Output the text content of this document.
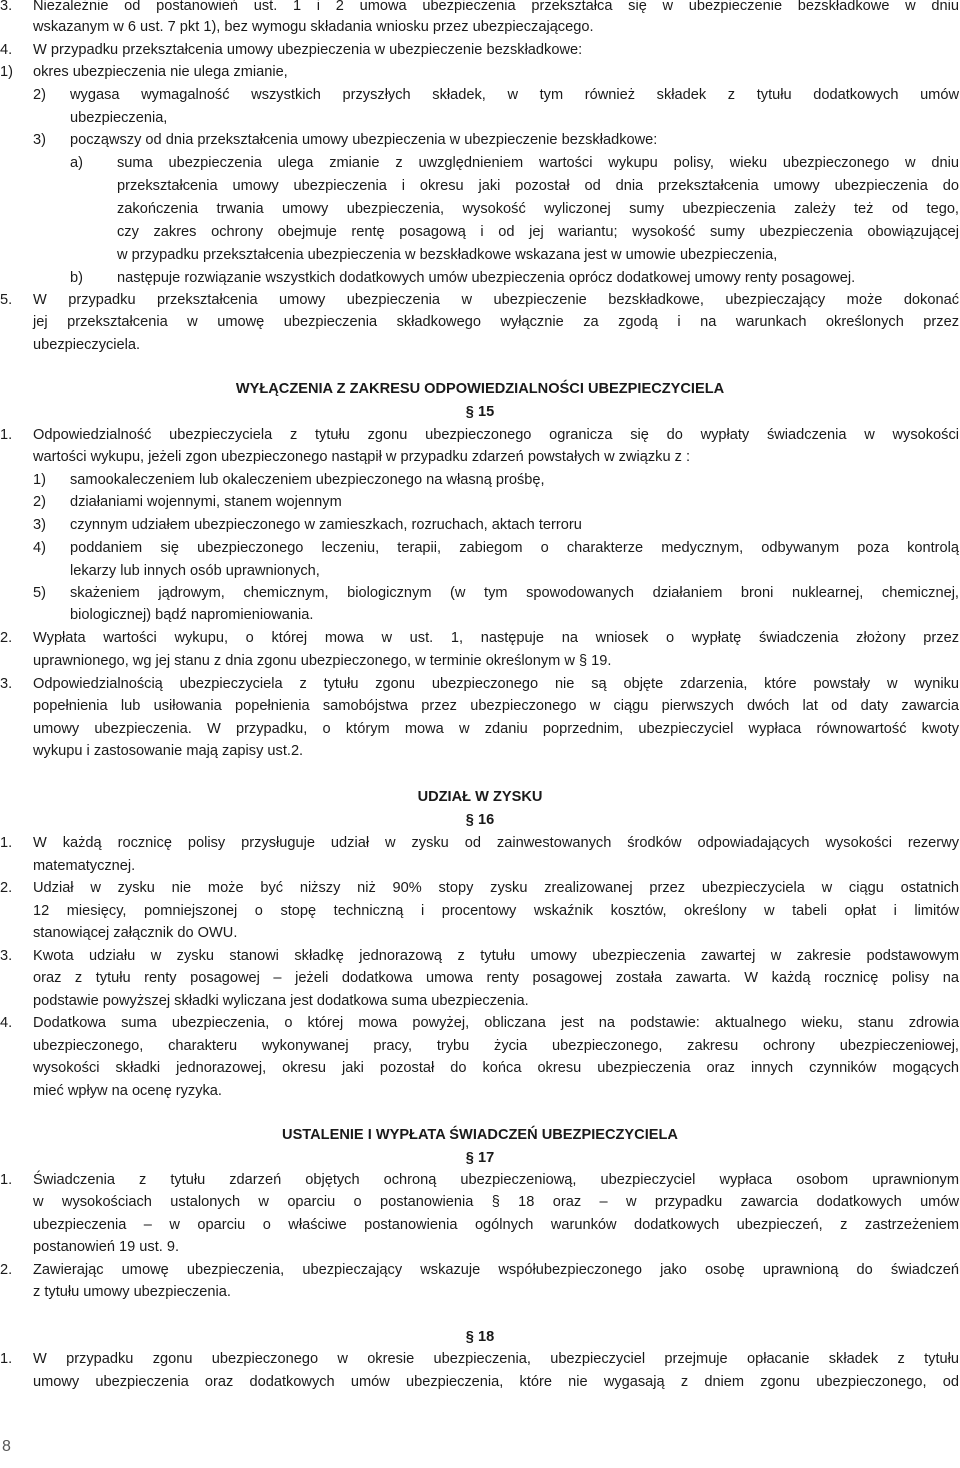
3. Niezależnie od postanowień ust. 1 i 2 umowa ubezpieczenia przekształca się w ubezpieczenie bezskładkowe w dniu
wskazanym w 6 ust. 7 pkt 1), bez wymogu składania wniosku przez ubezpieczającego.
4. W przypadku przekształcenia umowy ubezpieczenia w ubezpieczenie bezskładkowe:
1) okres ubezpieczenia nie ulega zmianie,
2) wygasa wymagalność wszystkich przyszłych składek, w tym również składek z tytułu dodatkowych umów
ubezpieczenia,
3) począwszy od dnia przekształcenia umowy ubezpieczenia w ubezpieczenie bezskładkowe:
a) suma ubezpieczenia ulega zmianie z uwzględnieniem wartości wykupu polisy, wieku ubezpieczonego w dniu
przekształcenia umowy ubezpieczenia i okresu jaki pozostał od dnia przekształcenia umowy ubezpieczenia do
zakończenia trwania umowy ubezpieczenia, wysokość wyliczonej sumy ubezpieczenia zależy też od tego,
czy zakres ochrony obejmuje rentę posagową i od jej wariantu; wysokość sumy ubezpieczenia obowiązującej
w przypadku przekształcenia ubezpieczenia w bezskładkowe wskazana jest w umowie ubezpieczenia,
b) następuje rozwiązanie wszystkich dodatkowych umów ubezpieczenia oprócz dodatkowej umowy renty posagowej.
5. W przypadku przekształcenia umowy ubezpieczenia w ubezpieczenie bezskładkowe, ubezpieczający może dokonać
jej przekształcenia w umowę ubezpieczenia składkowego wyłącznie za zgodą i na warunkach określonych przez
ubezpieczyciela.
WYŁĄCZENIA Z ZAKRESU ODPOWIEDZIALNOŚCI UBEZPIECZYCIELA
§ 15
1. Odpowiedzialność ubezpieczyciela z tytułu zgonu ubezpieczonego ogranicza się do wypłaty świadczenia w wysokości
wartości wykupu, jeżeli zgon ubezpieczonego nastąpił w przypadku zdarzeń powstałych w związku z :
1) samookaleczeniem lub okaleczeniem ubezpieczonego na własną prośbę,
2) działaniami wojennymi, stanem wojennym
3) czynnym udziałem ubezpieczonego w zamieszkach, rozruchach, aktach terroru
4) poddaniem się ubezpieczonego leczeniu, terapii, zabiegom o charakterze medycznym, odbywanym poza kontrolą
lekarzy lub innych osób uprawnionych,
5) skażeniem jądrowym, chemicznym, biologicznym (w tym spowodowanych działaniem broni nuklearnej, chemicznej,
biologicznej) bądź napromieniowania.
2. Wypłata wartości wykupu, o której mowa w ust. 1, następuje na wniosek o wypłatę świadczenia złożony przez
uprawnionego, wg jej stanu z dnia zgonu ubezpieczonego, w terminie określonym w § 19.
3. Odpowiedzialnością ubezpieczyciela z tytułu zgonu ubezpieczonego nie są objęte zdarzenia, które powstały w wyniku
popełnienia lub usiłowania popełnienia samobójstwa przez ubezpieczonego w ciągu pierwszych dwóch lat od daty zawarcia
umowy ubezpieczenia. W przypadku, o którym mowa w zdaniu poprzednim, ubezpieczyciel wypłaca równowartość kwoty
wykupu i zastosowanie mają zapisy ust.2.
UDZIAŁ W ZYSKU
§ 16
1. W każdą rocznicę polisy przysługuje udział w zysku od zainwestowanych środków odpowiadających wysokości rezerwy
matematycznej.
2. Udział w zysku nie może być niższy niż 90% stopy zysku zrealizowanej przez ubezpieczyciela w ciągu ostatnich
12 miesięcy, pomniejszonej o stopę techniczną i procentowy wskaźnik kosztów, określony w tabeli opłat i limitów
stanowiącej załącznik do OWU.
3. Kwota udziału w zysku stanowi składkę jednorazową z tytułu umowy ubezpieczenia zawartej w zakresie podstawowym
oraz z tytułu renty posagowej – jeżeli dodatkowa umowa renty posagowej została zawarta. W każdą rocznicę polisy na
podstawie powyższej składki wyliczana jest dodatkowa suma ubezpieczenia.
4. Dodatkowa suma ubezpieczenia, o której mowa powyżej, obliczana jest na podstawie: aktualnego wieku, stanu zdrowia
ubezpieczonego, charakteru wykonywanej pracy, trybu życia ubezpieczonego, zakresu ochrony ubezpieczeniowej,
wysokości składki jednorazowej, okresu jaki pozostał do końca okresu ubezpieczenia oraz innych czynników mogących
mieć wpływ na ocenę ryzyka.
USTALENIE I WYPŁATA ŚWIADCZEŃ UBEZPIECZYCIELA
§ 17
1. Świadczenia z tytułu zdarzeń objętych ochroną ubezpieczeniową, ubezpieczyciel wypłaca osobom uprawnionym
w wysokościach ustalonych w oparciu o postanowienia § 18 oraz – w przypadku zawarcia dodatkowych umów
ubezpieczenia – w oparciu o właściwe postanowienia ogólnych warunków dodatkowych ubezpieczeń, z zastrzeżeniem
postanowień 19 ust. 9.
2. Zawierając umowę ubezpieczenia, ubezpieczający wskazuje współubezpieczonego jako osobę uprawnioną do świadczeń
z tytułu umowy ubezpieczenia.
§ 18
1. W przypadku zgonu ubezpieczonego w okresie ubezpieczenia, ubezpieczyciel przejmuje opłacanie składek z tytułu
umowy ubezpieczenia oraz dodatkowych umów ubezpieczenia, które nie wygasają z dniem zgonu ubezpieczonego, od
8
